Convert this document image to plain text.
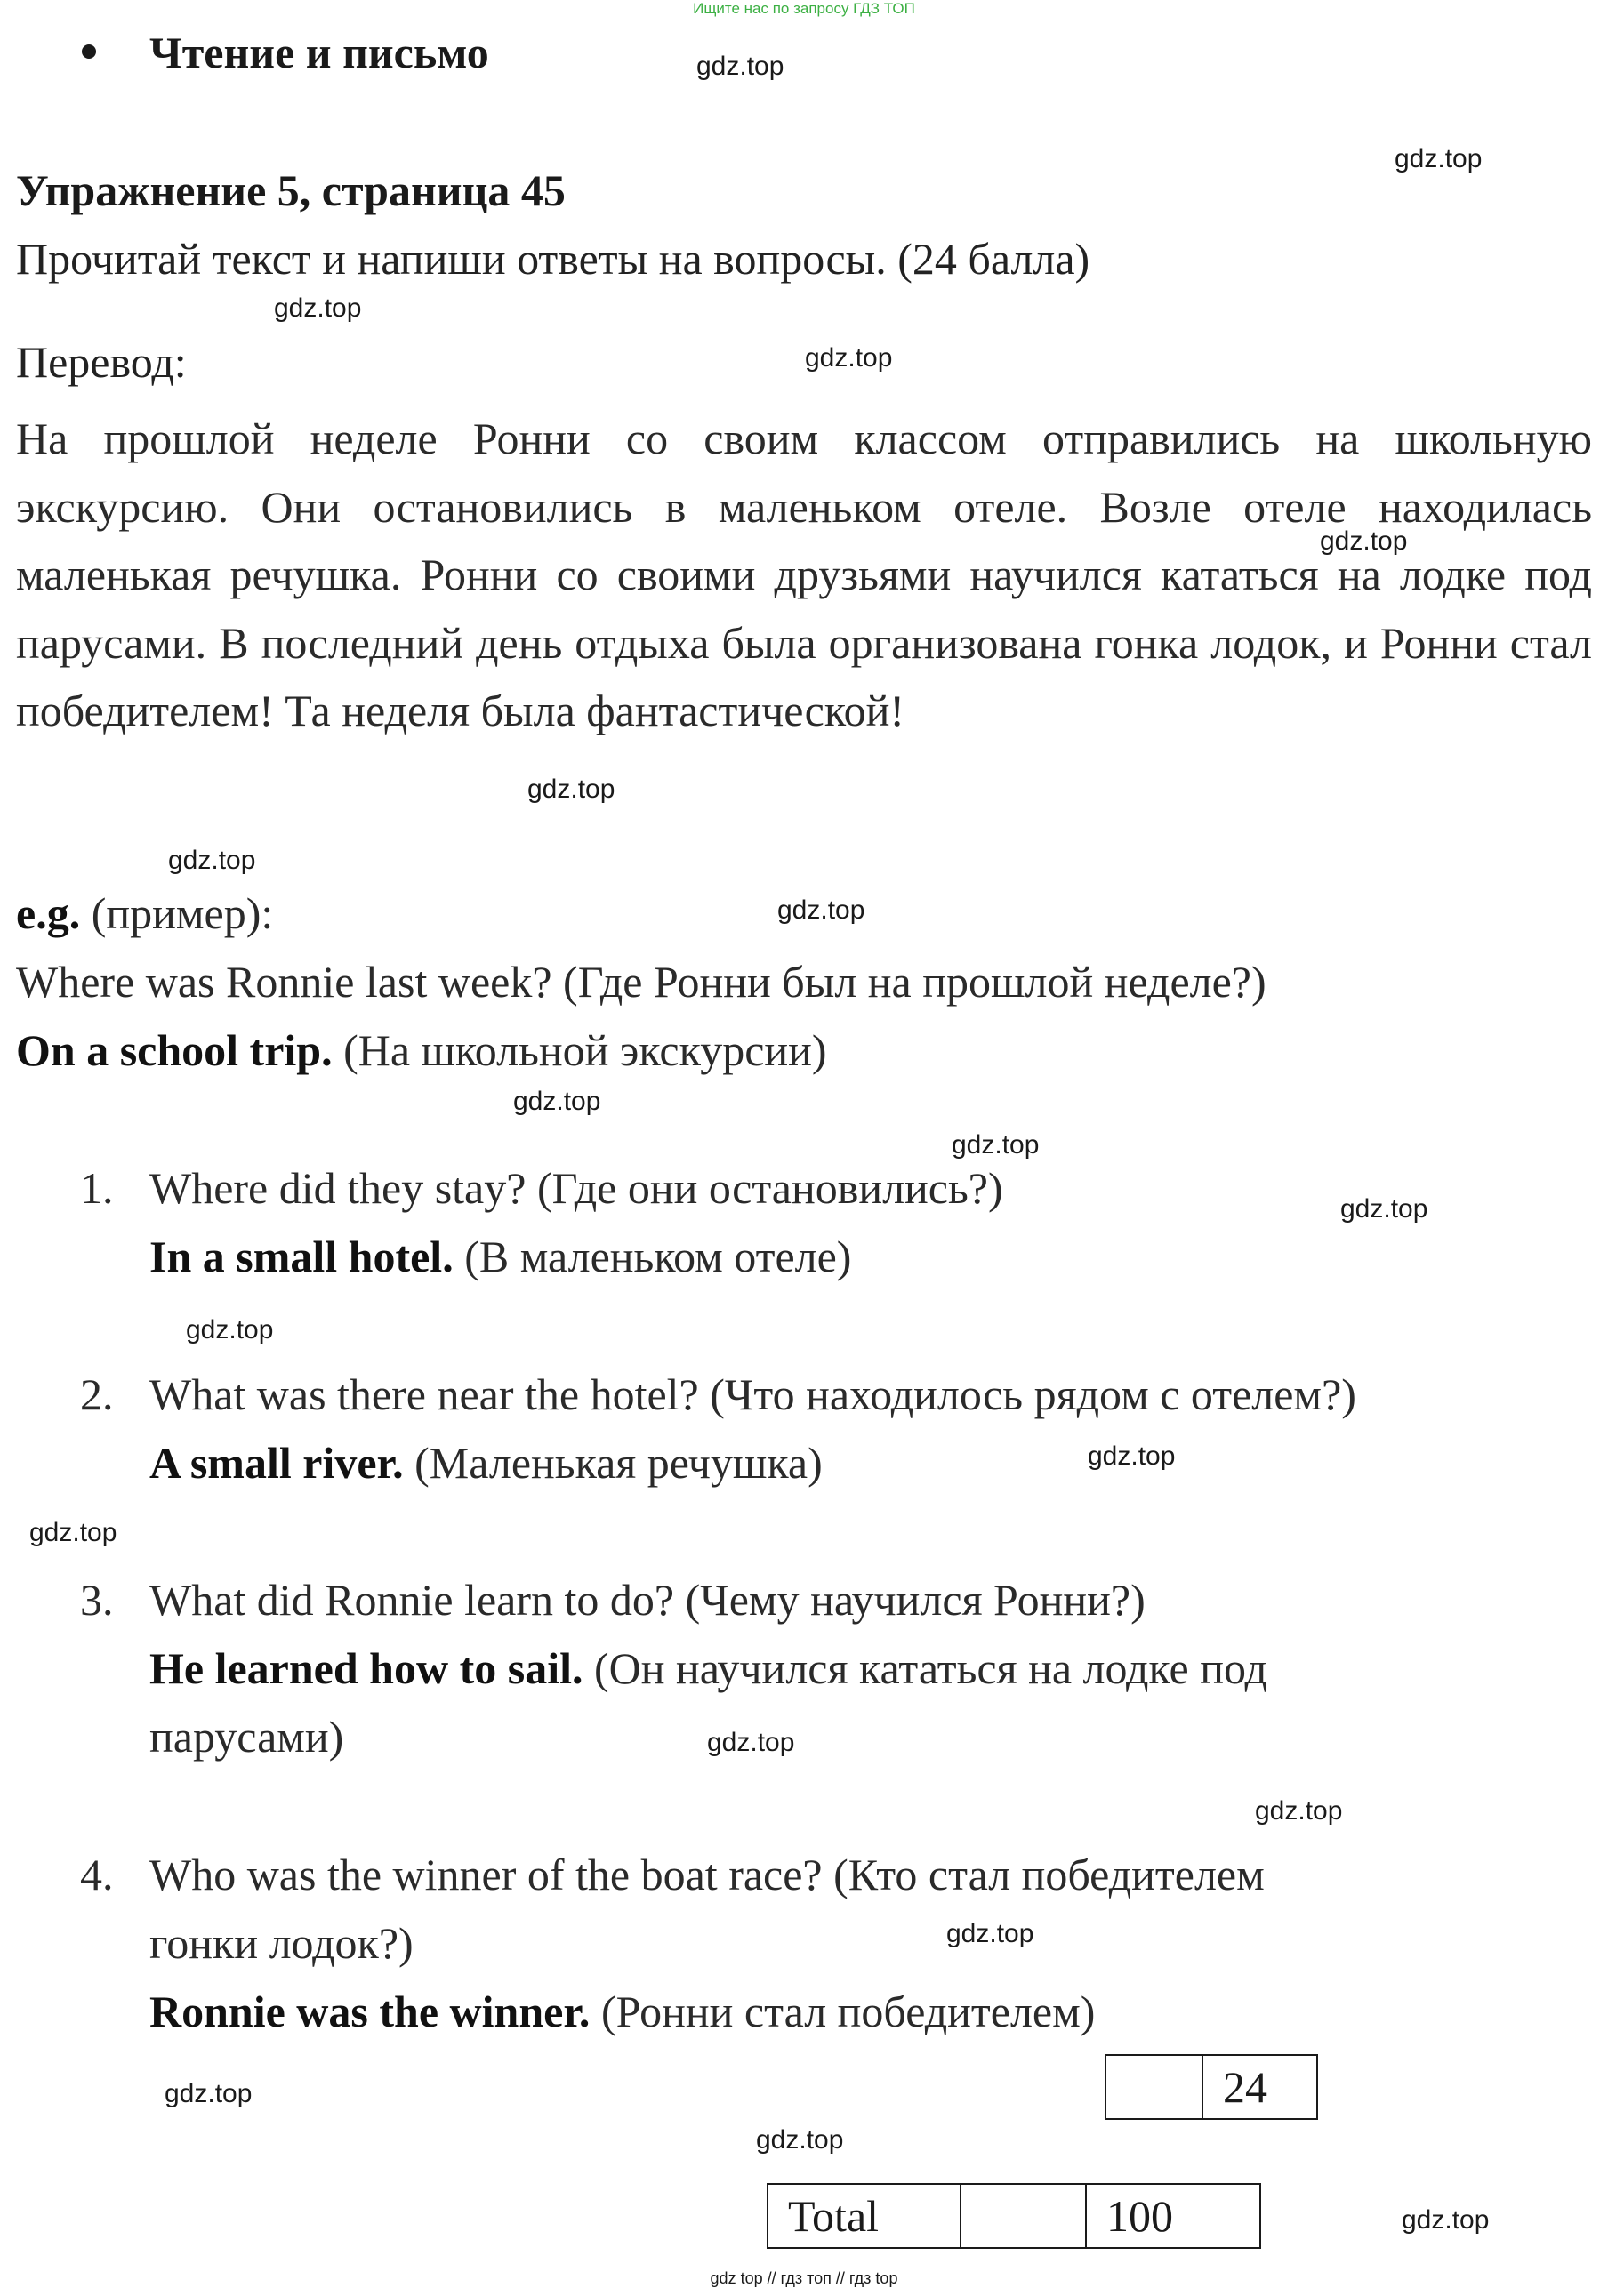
Ищите нас по запросу ГДЗ ТОП
Чтение и письмо
Упражнение 5, страница 45
Прочитай текст и напиши ответы на вопросы. (24 балла)
Перевод:
На прошлой неделе Ронни со своим классом отправились на школьную экскурсию. Они остановились в маленьком отеле. Возле отеле находилась маленькая речушка. Ронни со своими друзьями научился кататься на лодке под парусами. В последний день отдыха была организована гонка лодок, и Ронни стал победителем! Та неделя была фантастической!
e.g. (пример):
Where was Ronnie last week? (Где Ронни был на прошлой неделе?)
On a school trip. (На школьной экскурсии)
1. Where did they stay? (Где они остановились?)
In a small hotel. (В маленьком отеле)
2. What was there near the hotel? (Что находилось рядом с отелем?)
A small river. (Маленькая речушка)
3. What did Ronnie learn to do? (Чему научился Ронни?)
He learned how to sail. (Он научился кататься на лодке под
парусами)
4. Who was the winner of the boat race? (Кто стал победителем
гонки лодок?)
Ronnie was the winner. (Ронни стал победителем)
	24
Total		100
gdz.top
gdz.top
gdz.top
gdz.top
gdz.top
gdz.top
gdz.top
gdz.top
gdz.top
gdz.top
gdz.top
gdz.top
gdz.top
gdz.top
gdz.top
gdz.top
gdz.top
gdz.top
gdz.top
gdz.top
gdz top // гдз топ // гдз top
